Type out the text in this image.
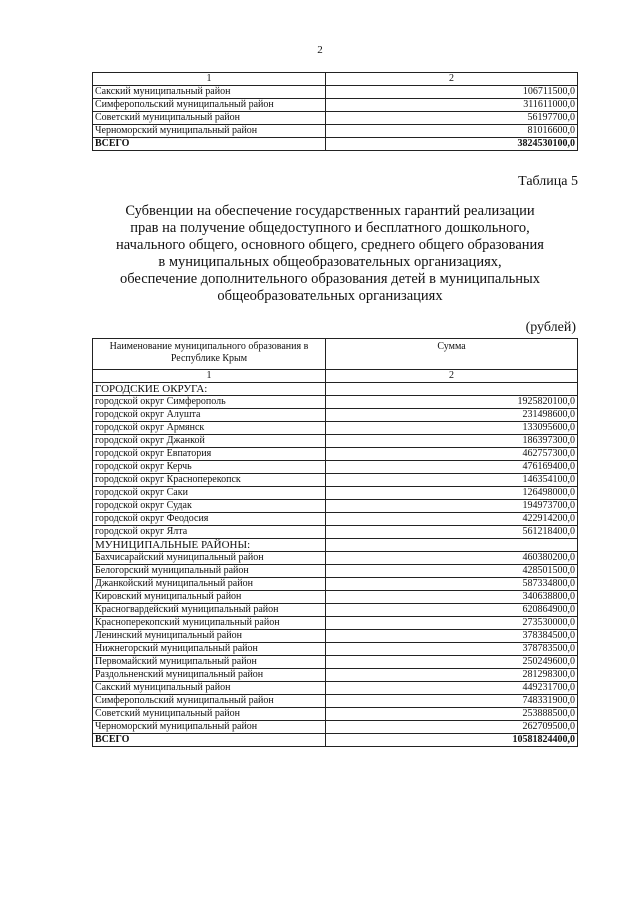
2
1	2
Сакский муниципальный район	106711500,0
Симферопольский муниципальный район	311611000,0
Советский муниципальный район	56197700,0
Черноморский муниципальный район	81016600,0
ВСЕГО	3824530100,0
Таблица 5
Субвенции на обеспечение государственных гарантий реализации
прав на получение общедоступного и бесплатного дошкольного,
начального общего, основного общего, среднего общего образования
в муниципальных общеобразовательных организациях,
обеспечение дополнительного образования детей в муниципальных
общеобразовательных организациях
(рублей)
Наименование муниципального образования в Республике Крым	Сумма
1	2
ГОРОДСКИЕ ОКРУГА:	
городской округ Симферополь	1925820100,0
городской округ Алушта	231498600,0
городской округ Армянск	133095600,0
городской округ Джанкой	186397300,0
городской округ Евпатория	462757300,0
городской округ Керчь	476169400,0
городской округ Красноперекопск	146354100,0
городской округ Саки	126498000,0
городской округ Судак	194973700,0
городской округ Феодосия	422914200,0
городской округ Ялта	561218400,0
МУНИЦИПАЛЬНЫЕ РАЙОНЫ:	
Бахчисарайский муниципальный район	460380200,0
Белогорский муниципальный район	428501500,0
Джанкойский муниципальный район	587334800,0
Кировский муниципальный район	340638800,0
Красногвардейский муниципальный район	620864900,0
Красноперекопский муниципальный район	273530000,0
Ленинский муниципальный район	378384500,0
Нижнегорский муниципальный район	378783500,0
Первомайский муниципальный район	250249600,0
Раздольненский муниципальный район	281298300,0
Сакский муниципальный район	449231700,0
Симферопольский муниципальный район	748331900,0
Советский муниципальный район	253888500,0
Черноморский муниципальный район	262709500,0
ВСЕГО	10581824400,0
